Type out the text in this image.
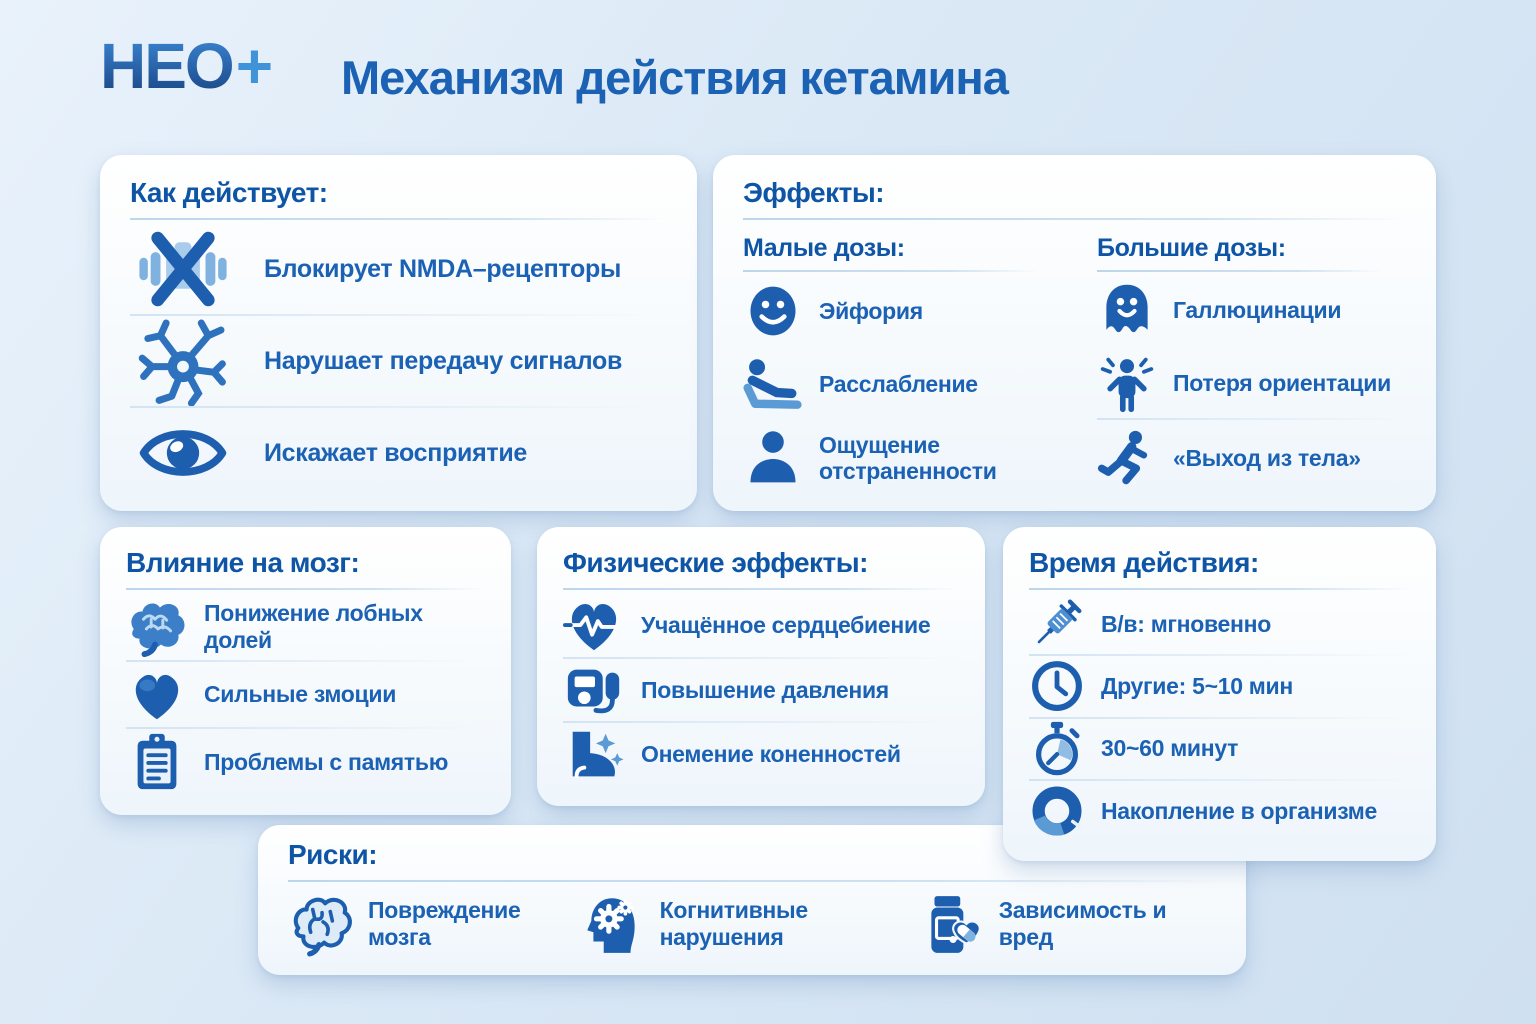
НЕО+ Механизм действия кетамина
Как действует:
Блокирует NMDA–рецепторы
Нарушает передачу сигналов
Искажает восприятие
Эффекты:
Малые дозы:
Эйфория
Расслабление
Ощущение отстраненности
Большие дозы:
Галлюцинации
Потеря ориентации
«Выход из тела»
Влияние на мозг:
Понижение лобных долей
Сильные змоции
Проблемы с памятью
Физические эффекты:
Учащённое сердцебиение
Повышение давления
Онемение коненностей
Время действия:
В/в: мгновенно
Другие: 5~10 мин
30~60 минут
Накопление в организме
Риски:
Повреждение мозга
Когнитивные нарушения
Зависимость и вред
